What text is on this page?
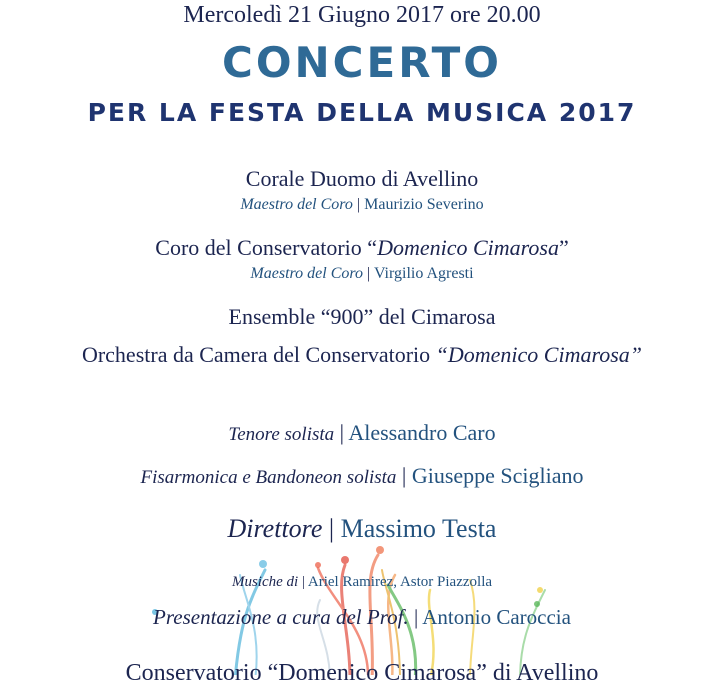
Mercoledì 21 Giugno 2017 ore 20.00
CONCERTO
PER LA FESTA DELLA MUSICA 2017
Corale Duomo di Avellino
Maestro del Coro | Maurizio Severino
Coro del Conservatorio “Domenico Cimarosa”
Maestro del Coro | Virgilio Agresti
Ensemble “900” del Cimarosa
Orchestra da Camera del Conservatorio “Domenico Cimarosa”
Tenore solista | Alessandro Caro
Fisarmonica e Bandoneon solista | Giuseppe Scigliano
Direttore | Massimo Testa
Musiche di | Ariel Ramirez, Astor Piazzolla
Presentazione a cura del Prof. | Antonio Caroccia
Conservatorio “Domenico Cimarosa” di Avellino
